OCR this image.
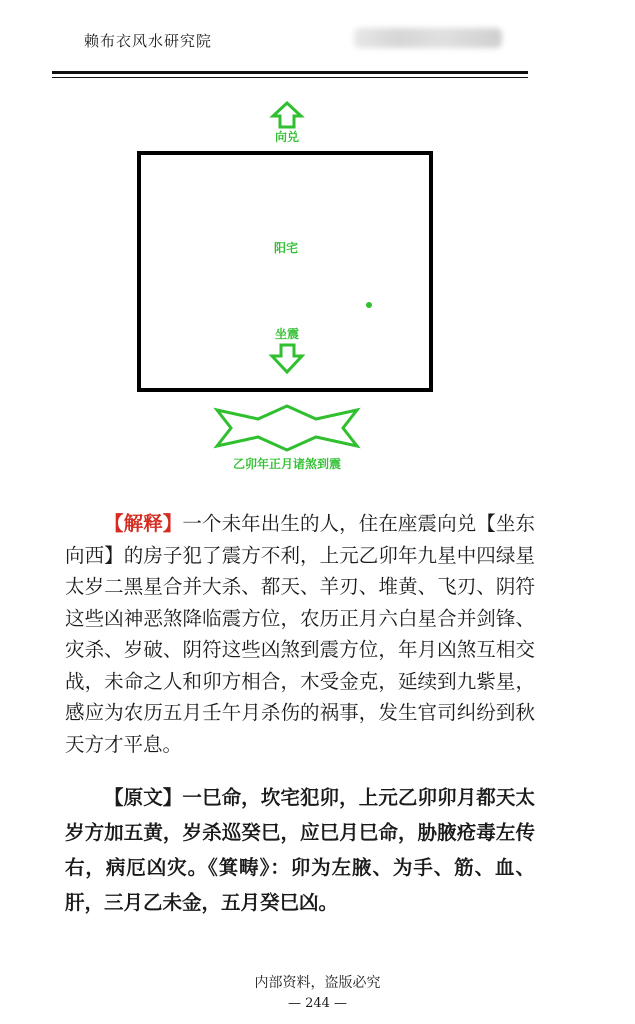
赖布衣风水研究院
向兑
阳宅
坐震
乙卯年正月诸煞到震

【解释】一个未年出生的人，住在座震向兑【坐东向西】的房子犯了震方不利，上元乙卯年九星中四绿星太岁二黑星合并大杀、都天、羊刃、堆黄、飞刃、阴符这些凶神恶煞降临震方位，农历正月六白星合并剑锋、灾杀、岁破、阴符这些凶煞到震方位，年月凶煞互相交战，未命之人和卯方相合，木受金克，延续到九紫星，感应为农历五月壬午月杀伤的祸事，发生官司纠纷到秋天方才平息。

【原文】一巳命，坎宅犯卯，上元乙卯卯月都天太岁方加五黄，岁杀巡癸巳，应巳月巳命，胁腋疮毒左传右，病厄凶灾。《箕畴》：卯为左腋、为手、筋、血、肝，三月乙未金，五月癸巳凶。

内部资料，盗版必究
— 244 —
